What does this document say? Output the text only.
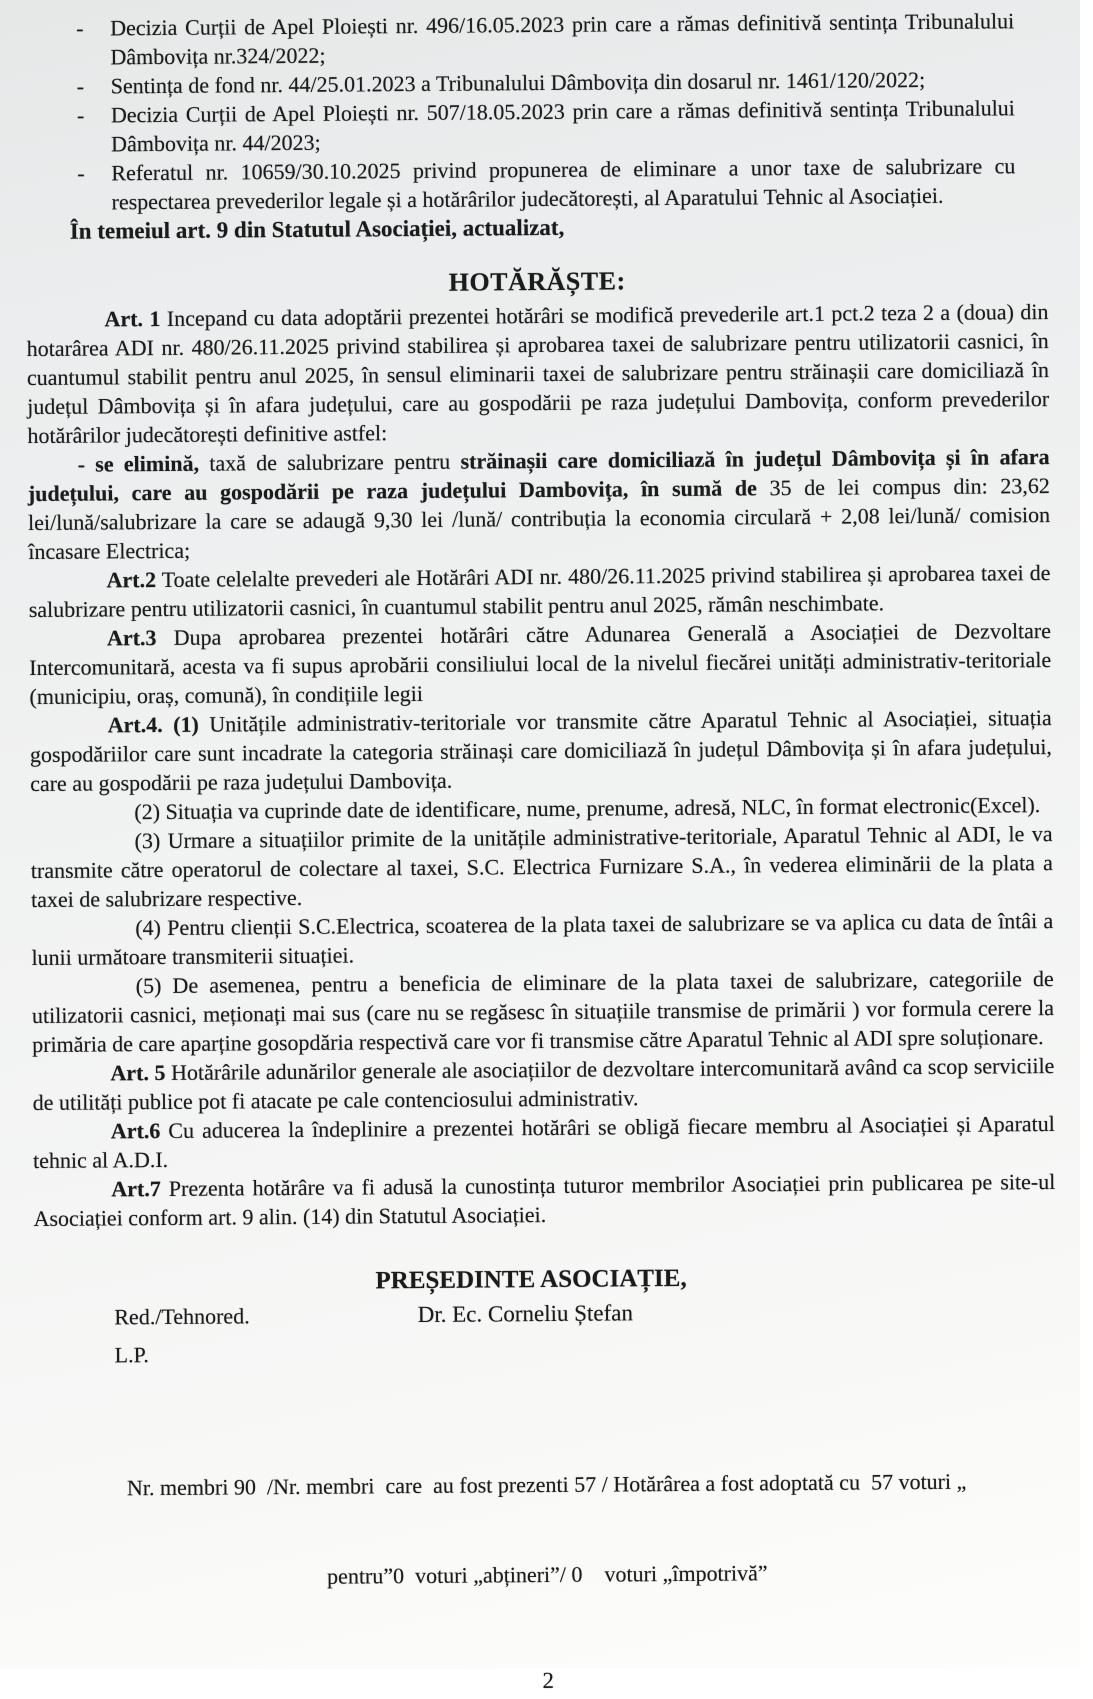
- Decizia Curții de Apel Ploiești nr. 496/16.05.2023 prin care a rămas definitivă sentința Tribunalului Dâmbovița nr.324/2022;
- Sentința de fond nr. 44/25.01.2023 a Tribunalului Dâmbovița din dosarul nr. 1461/120/2022;
- Decizia Curții de Apel Ploiești nr. 507/18.05.2023 prin care a rămas definitivă sentința Tribunalului Dâmbovița nr. 44/2023;
- Referatul nr. 10659/30.10.2025 privind propunerea de eliminare a unor taxe de salubrizare cu respectarea prevederilor legale și a hotărârilor judecătorești, al Aparatului Tehnic al Asociației.
În temeiul art. 9 din Statutul Asociației, actualizat,
HOTĂRĂȘTE:
Art. 1 Incepand cu data adoptării prezentei hotărâri se modifică prevederile art.1 pct.2 teza 2 a (doua) din hotarârea ADI nr. 480/26.11.2025 privind stabilirea și aprobarea taxei de salubrizare pentru utilizatorii casnici, în cuantumul stabilit pentru anul 2025, în sensul eliminarii taxei de salubrizare pentru străinașii care domiciliază în județul Dâmbovița și în afara județului, care au gospodării pe raza județului Dambovița, conform prevederilor hotărârilor judecătorești definitive astfel:
- se elimină, taxă de salubrizare pentru străinașii care domiciliază în județul Dâmbovița și în afara județului, care au gospodării pe raza județului Dambovița, în sumă de 35 de lei compus din: 23,62 lei/lună/salubrizare la care se adaugă 9,30 lei /lună/ contribuția la economia circulară + 2,08 lei/lună/ comision încasare Electrica;
Art.2 Toate celelalte prevederi ale Hotărâri ADI nr. 480/26.11.2025 privind stabilirea și aprobarea taxei de salubrizare pentru utilizatorii casnici, în cuantumul stabilit pentru anul 2025, rămân neschimbate.
Art.3 Dupa aprobarea prezentei hotărâri către Adunarea Generală a Asociației de Dezvoltare Intercomunitară, acesta va fi supus aprobării consiliului local de la nivelul fiecărei unități administrativ-teritoriale (municipiu, oraș, comună), în condițiile legii
Art.4. (1) Unitățile administrativ-teritoriale vor transmite către Aparatul Tehnic al Asociației, situația gospodăriilor care sunt incadrate la categoria străinași care domiciliază în județul Dâmbovița și în afara județului, care au gospodării pe raza județului Dambovița.
(2) Situația va cuprinde date de identificare, nume, prenume, adresă, NLC, în format electronic(Excel).
(3) Urmare a situațiilor primite de la unitățile administrative-teritoriale, Aparatul Tehnic al ADI, le va transmite către operatorul de colectare al taxei, S.C. Electrica Furnizare S.A., în vederea eliminării de la plata a taxei de salubrizare respective.
(4) Pentru clienții S.C.Electrica, scoaterea de la plata taxei de salubrizare se va aplica cu data de întâi a lunii următoare transmiterii situației.
(5) De asemenea, pentru a beneficia de eliminare de la plata taxei de salubrizare, categoriile de utilizatorii casnici, meționați mai sus (care nu se regăsesc în situațiile transmise de primării ) vor formula cerere la primăria de care aparține gosopdăria respectivă care vor fi transmise către Aparatul Tehnic al ADI spre soluționare.
Art. 5 Hotărârile adunărilor generale ale asociațiilor de dezvoltare intercomunitară având ca scop serviciile de utilități publice pot fi atacate pe cale contenciosului administrativ.
Art.6 Cu aducerea la îndeplinire a prezentei hotărâri se obligă fiecare membru al Asociației și Aparatul tehnic al A.D.I.
Art.7 Prezenta hotărâre va fi adusă la cunostința tuturor membrilor Asociației prin publicarea pe site-ul Asociației conform art. 9 alin. (14) din Statutul Asociației.
PREȘEDINTE ASOCIAȚIE,
Red./Tehnored.	Dr. Ec. Corneliu Ștefan
L.P.

Nr. membri 90  /Nr. membri  care  au fost prezenti 57 / Hotărârea a fost adoptată cu  57 voturi „

pentru”0  voturi „abțineri”/ 0    voturi „împotrivă”

2
